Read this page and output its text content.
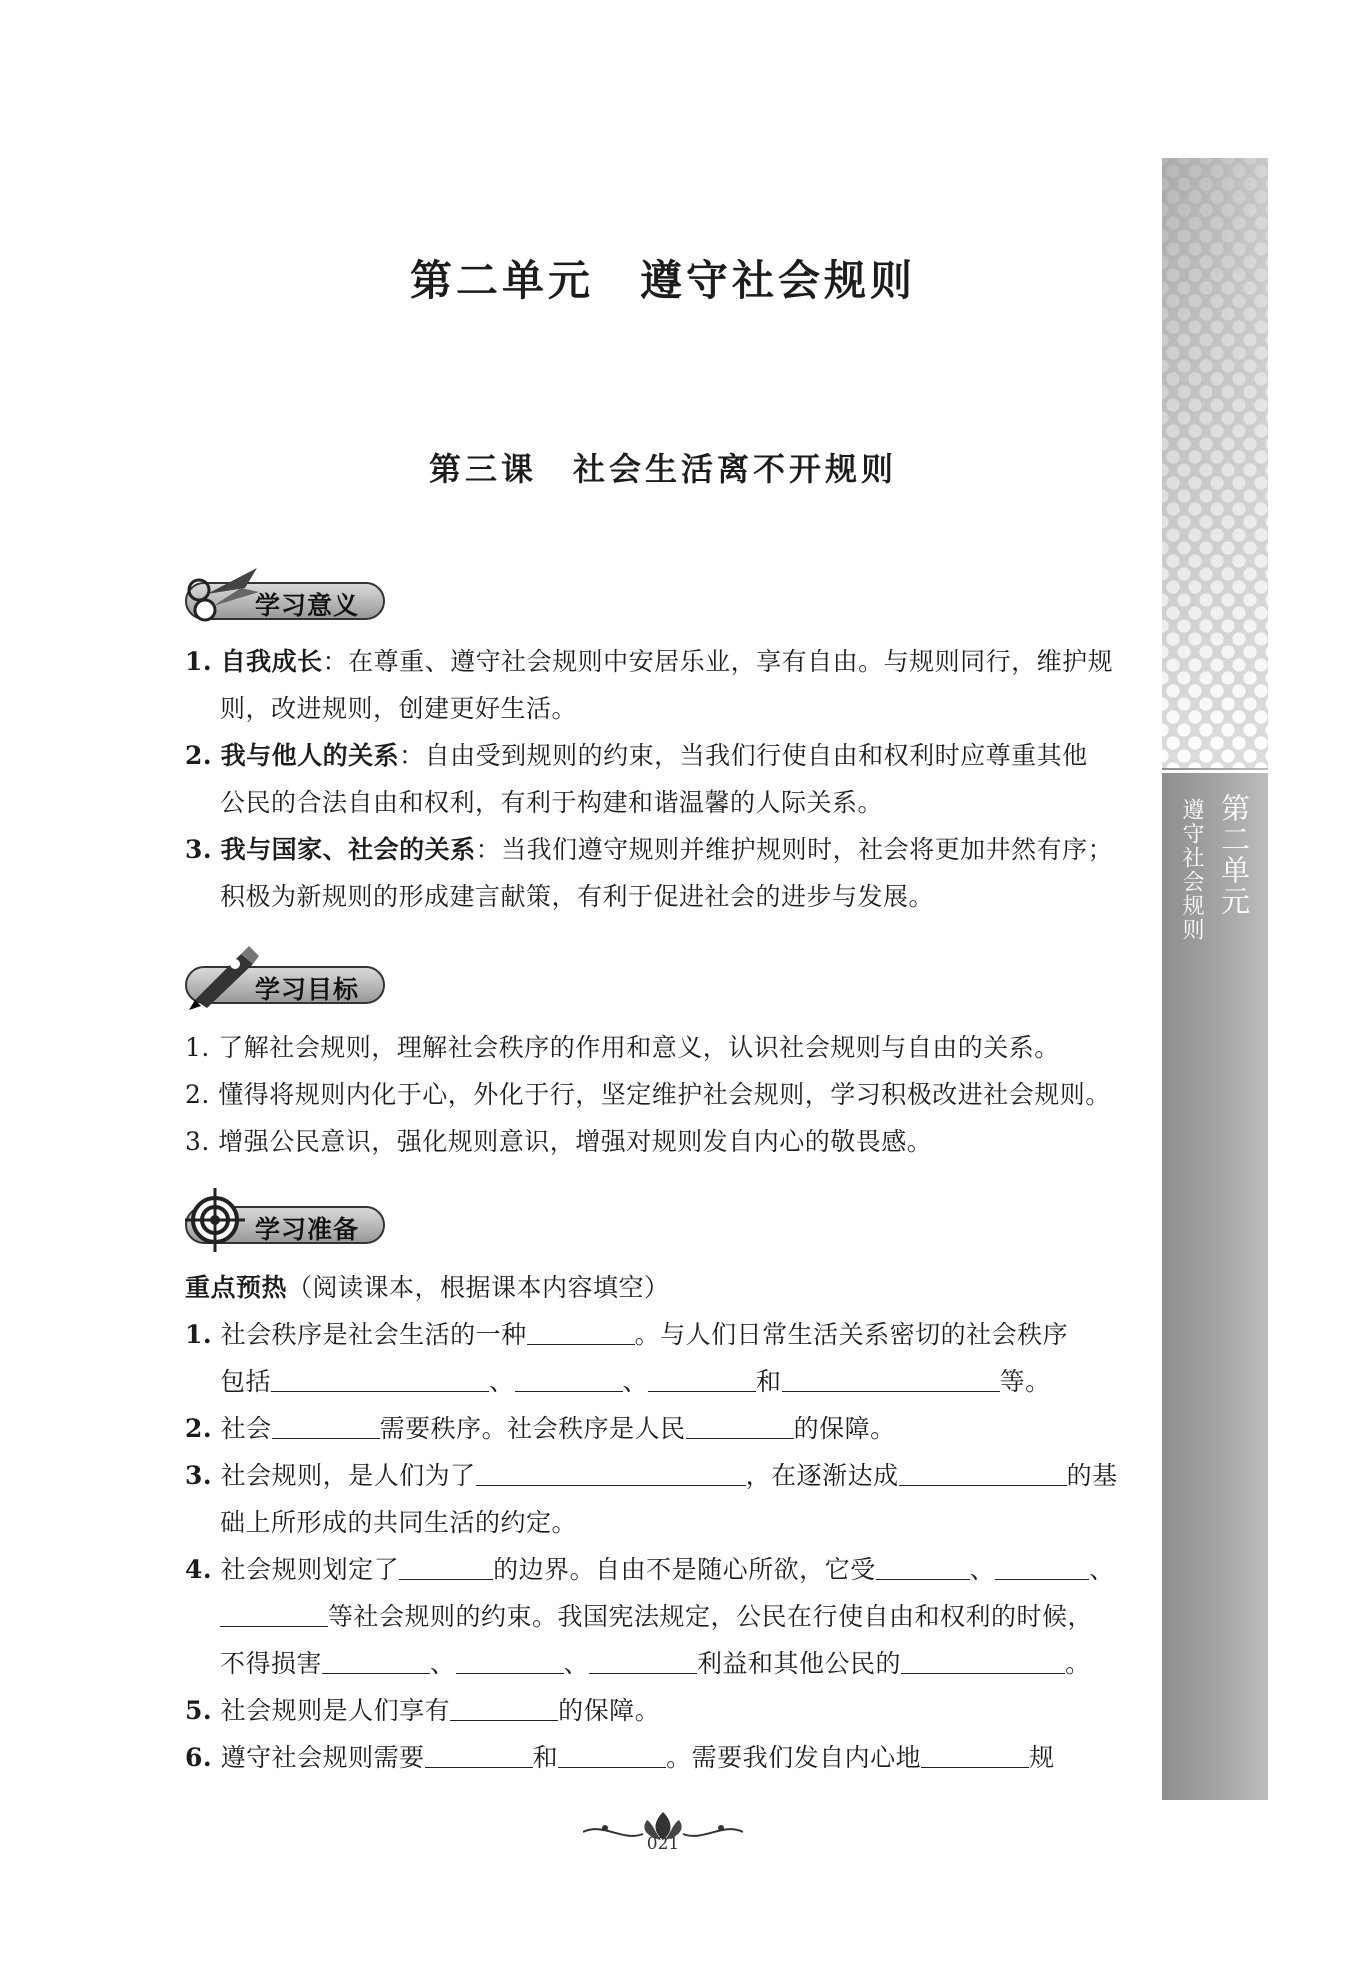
第二单元
遵守社会规则
第二单元　遵守社会规则
第三课　社会生活离不开规则
学习意义
1. 自我成长：在尊重、遵守社会规则中安居乐业，享有自由。与规则同行，维护规
则，改进规则，创建更好生活。
2. 我与他人的关系：自由受到规则的约束，当我们行使自由和权利时应尊重其他
公民的合法自由和权利，有利于构建和谐温馨的人际关系。
3. 我与国家、社会的关系：当我们遵守规则并维护规则时，社会将更加井然有序；
积极为新规则的形成建言献策，有利于促进社会的进步与发展。
学习目标
1. 了解社会规则，理解社会秩序的作用和意义，认识社会规则与自由的关系。
2. 懂得将规则内化于心，外化于行，坚定维护社会规则，学习积极改进社会规则。
3. 增强公民意识，强化规则意识，增强对规则发自内心的敬畏感。
学习准备
重点预热（阅读课本，根据课本内容填空）
1. 社会秩序是社会生活的一种	。与人们日常生活关系密切的社会秩序
包括	、	、	和	等。
2. 社会	需要秩序。社会秩序是人民	的保障。
3. 社会规则，是人们为了	，在逐渐达成	的基
础上所形成的共同生活的约定。
4. 社会规则划定了	的边界。自由不是随心所欲，它受	、	、
等社会规则的约束。我国宪法规定，公民在行使自由和权利的时候，
不得损害	、	、	利益和其他公民的	。
5. 社会规则是人们享有	的保障。
6. 遵守社会规则需要	和	。需要我们发自内心地	规
021
